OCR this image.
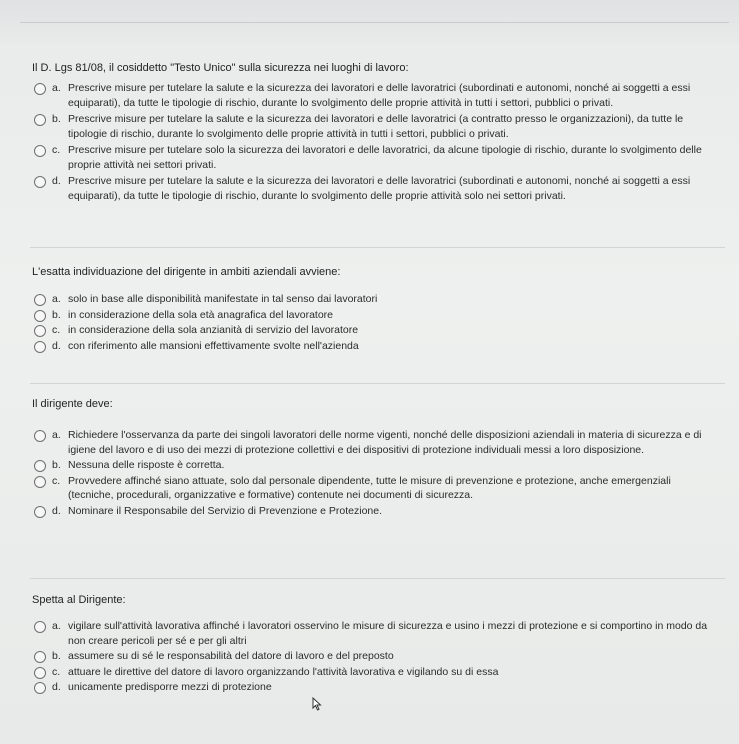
Il D. Lgs 81/08, il cosiddetto "Testo Unico" sulla sicurezza nei luoghi di lavoro:
a. Prescrive misure per tutelare la salute e la sicurezza dei lavoratori e delle lavoratrici (subordinati e autonomi, nonché ai soggetti a essi equiparati), da tutte le tipologie di rischio, durante lo svolgimento delle proprie attività in tutti i settori, pubblici o privati.
b. Prescrive misure per tutelare la salute e la sicurezza dei lavoratori e delle lavoratrici (a contratto presso le organizzazioni), da tutte le tipologie di rischio, durante lo svolgimento delle proprie attività in tutti i settori, pubblici o privati.
c. Prescrive misure per tutelare solo la sicurezza dei lavoratori e delle lavoratrici, da alcune tipologie di rischio, durante lo svolgimento delle proprie attività nei settori privati.
d. Prescrive misure per tutelare la salute e la sicurezza dei lavoratori e delle lavoratrici (subordinati e autonomi, nonché ai soggetti a essi equiparati), da tutte le tipologie di rischio, durante lo svolgimento delle proprie attività solo nei settori privati.
L'esatta individuazione del dirigente in ambiti aziendali avviene:
a. solo in base alle disponibilità manifestate in tal senso dai lavoratori
b. in considerazione della sola età anagrafica del lavoratore
c. in considerazione della sola anzianità di servizio del lavoratore
d. con riferimento alle mansioni effettivamente svolte nell'azienda
Il dirigente deve:
a. Richiedere l'osservanza da parte dei singoli lavoratori delle norme vigenti, nonché delle disposizioni aziendali in materia di sicurezza e di igiene del lavoro e di uso dei mezzi di protezione collettivi e dei dispositivi di protezione individuali messi a loro disposizione.
b. Nessuna delle risposte è corretta.
c. Provvedere affinché siano attuate, solo dal personale dipendente, tutte le misure di prevenzione e protezione, anche emergenziali (tecniche, procedurali, organizzative e formative) contenute nei documenti di sicurezza.
d. Nominare il Responsabile del Servizio di Prevenzione e Protezione.
Spetta al Dirigente:
a. vigilare sull'attività lavorativa affinché i lavoratori osservino le misure di sicurezza e usino i mezzi di protezione e si comportino in modo da non creare pericoli per sé e per gli altri
b. assumere su di sé le responsabilità del datore di lavoro e del preposto
c. attuare le direttive del datore di lavoro organizzando l'attività lavorativa e vigilando su di essa
d. unicamente predisporre mezzi di protezione
